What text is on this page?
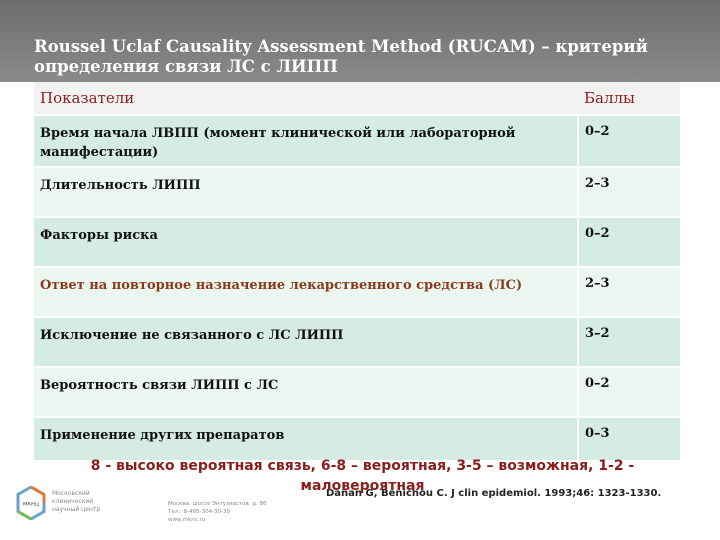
Roussel Uclaf Causality Assessment Method (RUCAM) – критерий определения связи ЛС с ЛИПП
Показатели	Баллы
Время начала ЛВПП (момент клинической или лабораторной манифестации)	0–2
Длительность ЛИПП	2–3
Факторы риска	0–2
Ответ на повторное назначение лекарственного средства (ЛС)	2–3
Исключение не связанного с ЛС ЛИПП	3–2
Вероятность связи ЛИПП с ЛС	0–2
Применение других препаратов	0–3
мкнц
Московский
клинический
научный центр
Москва, шоссе Энтузиастов, д. 86
Тел.: 8-495-304-30-39
www.mknc.ru
Danan G, Benichou C. J clin epidemiol. 1993;46: 1323-1330.
8 - высоко вероятная связь, 6-8 – вероятная, 3-5 – возможная, 1-2 - маловероятная
